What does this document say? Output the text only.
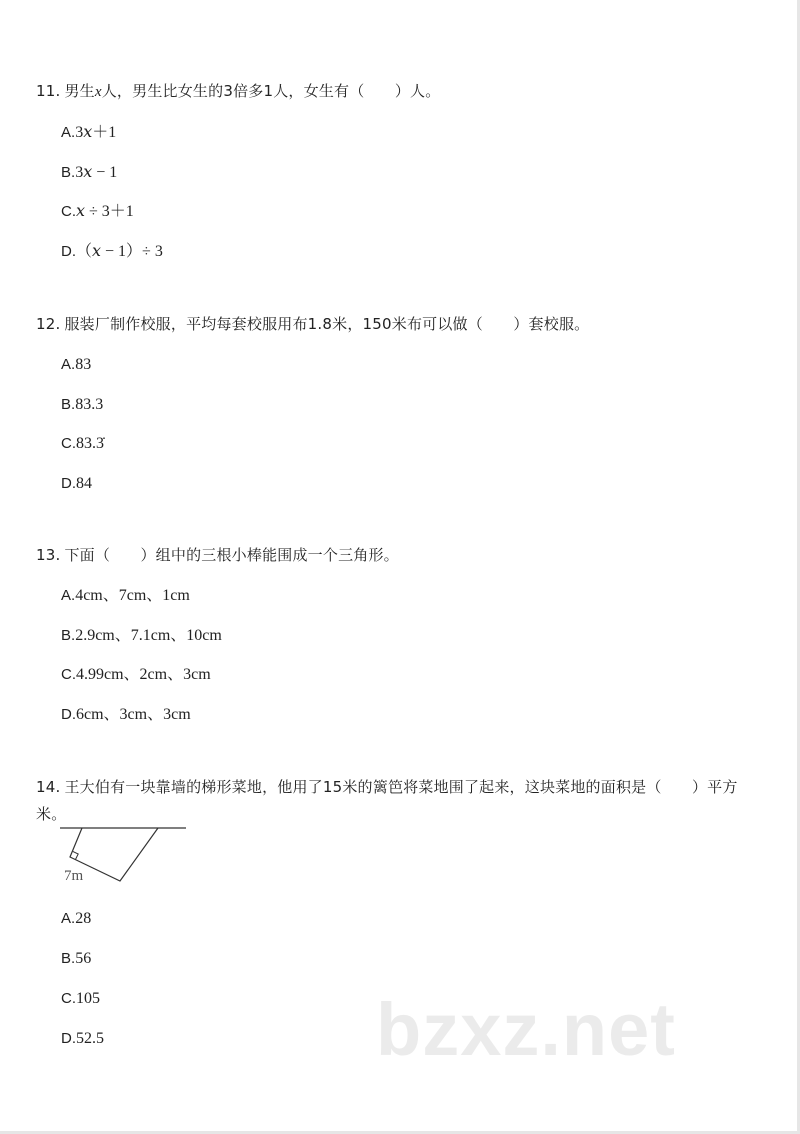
11. 男生x人，男生比女生的3倍多1人，女生有（　　）人。
A.3𝑥＋1
B.3𝑥 − 1
C.𝑥 ÷ 3＋1
D.（𝑥 − 1）÷ 3
12. 服装厂制作校服，平均每套校服用布1.8米，150米布可以做（　　）套校服。
A.83
B.83.3
C.83.3̇
D.84
13. 下面（　　）组中的三根小棒能围成一个三角形。
A.4cm、7cm、1cm
B.2.9cm、7.1cm、10cm
C.4.99cm、2cm、3cm
D.6cm、3cm、3cm
14. 王大伯有一块靠墙的梯形菜地，他用了15米的篱笆将菜地围了起来，这块菜地的面积是（　　）平方米。
7m
A.28
B.56
C.105
D.52.5	bzxz.net
